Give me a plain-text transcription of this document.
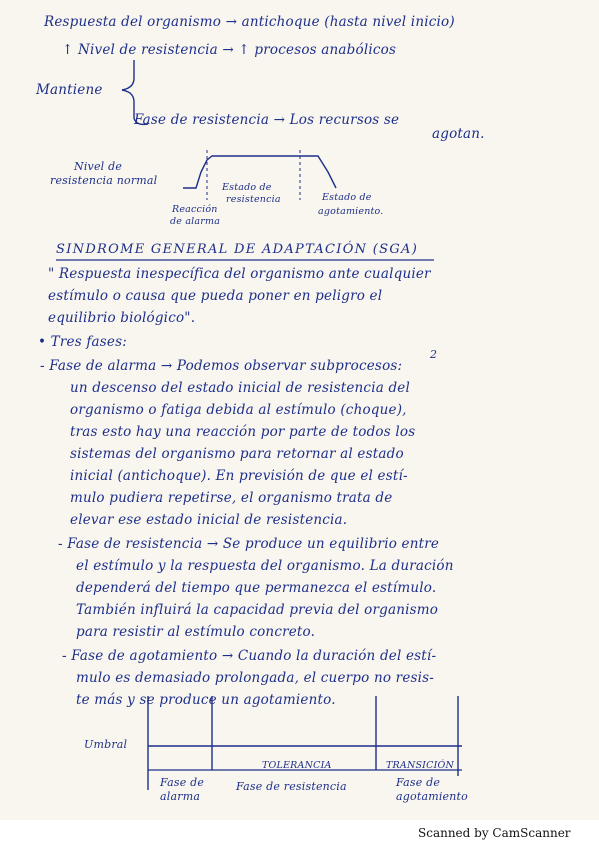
Respuesta del organismo → antichoque (hasta nivel inicio)
↑ Nivel de resistencia → ↑ procesos anabólicos
Mantiene
Fase de resistencia → Los recursos se
agotan.
Nivel de
resistencia normal
Reacción
de alarma
Estado de
resistencia	Estado de
agotamiento.
SINDROME GENERAL DE ADAPTACIÓN (SGA)
" Respuesta inespecífica del organismo ante cualquier
estímulo o causa que pueda poner en peligro el
equilibrio biológico".
• Tres fases:
- Fase de alarma → Podemos observar subprocesos:
2
un descenso del estado inicial de resistencia del
organismo o fatiga debida al estímulo (choque),
tras esto hay una reacción por parte de todos los
sistemas del organismo para retornar al estado
inicial (antichoque). En previsión de que el estí-
mulo pudiera repetirse, el organismo trata de
elevar ese estado inicial de resistencia.
- Fase de resistencia → Se produce un equilibrio entre
el estímulo y la respuesta del organismo. La duración
dependerá del tiempo que permanezca el estímulo.
También influirá la capacidad previa del organismo
para resistir al estímulo concreto.
- Fase de agotamiento → Cuando la duración del estí-
mulo es demasiado prolongada, el cuerpo no resis-
te más y se produce un agotamiento.
Umbral
TOLERANCIA	TRANSICIÓN
Fase de
alarma
Fase de resistencia	Fase de
agotamiento
Scanned by CamScanner
